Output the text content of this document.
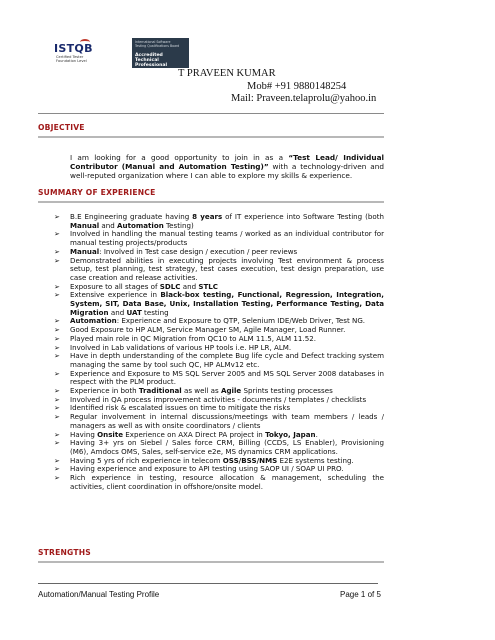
ISTQB
Certified Tester
Foundation Level
International Software
Testing Qualifications Board
Accredited
Technical Professional
T PRAVEEN KUMAR
Mob# +91 9880148254
Mail: Praveen.telaprolu@yahoo.in
OBJECTIVE
I am looking for a good opportunity to join in as a “Test Lead/ Individual Contributor (Manual and Automation Testing)” with a technology-driven and well-reputed organization where I can able to explore my skills & experience.
SUMMARY OF EXPERIENCE
➢ B.E Engineering graduate having 8 years of IT experience into Software Testing (both Manual and Automation Testing)
➢ Involved in handling the manual testing teams / worked as an individual contributor for manual testing projects/products
➢ Manual: Involved in Test case design / execution / peer reviews
➢ Demonstrated abilities in executing projects involving Test environment & process setup, test planning, test strategy, test cases execution, test design preparation, use case creation and release activities.
➢ Exposure to all stages of SDLC and STLC
➢ Extensive experience in Black-box testing, Functional, Regression, Integration, System, SIT, Data Base, Unix, Installation Testing, Performance Testing, Data Migration and UAT testing
➢ Automation: Experience and Exposure to QTP, Selenium IDE/Web Driver, Test NG.
➢ Good Exposure to HP ALM, Service Manager SM, Agile Manager, Load Runner.
➢ Played main role in QC Migration from QC10 to ALM 11.5, ALM 11.52.
➢ Involved in Lab validations of various HP tools i.e. HP LR, ALM.
➢ Have in depth understanding of the complete Bug life cycle and Defect tracking system managing the same by tool such QC, HP ALMv12 etc.
➢ Experience and Exposure to MS SQL Server 2005 and MS SQL Server 2008 databases in respect with the PLM product.
➢ Experience in both Traditional as well as Agile Sprints testing processes
➢ Involved in QA process improvement activities - documents / templates / checklists
➢ Identified risk & escalated issues on time to mitigate the risks
➢ Regular involvement in internal discussions/meetings with team members / leads / managers as well as with onsite coordinators / clients
➢ Having Onsite Experience on AXA Direct PA project in Tokyo, Japan.
➢ Having 3+ yrs on Siebel / Sales force CRM, Billing (CCDS, LS Enabler), Provisioning (M6), Amdocs OMS, Sales, self-service e2e, MS dynamics CRM applications.
➢ Having 5 yrs of rich experience in telecom OSS/BSS/NMS E2E systems testing.
➢ Having experience and exposure to API testing using SAOP UI / SOAP UI PRO.
➢ Rich experience in testing, resource allocation & management, scheduling the activities, client coordination in offshore/onsite model.
STRENGTHS
Automation/Manual Testing Profile	Page 1 of 5
